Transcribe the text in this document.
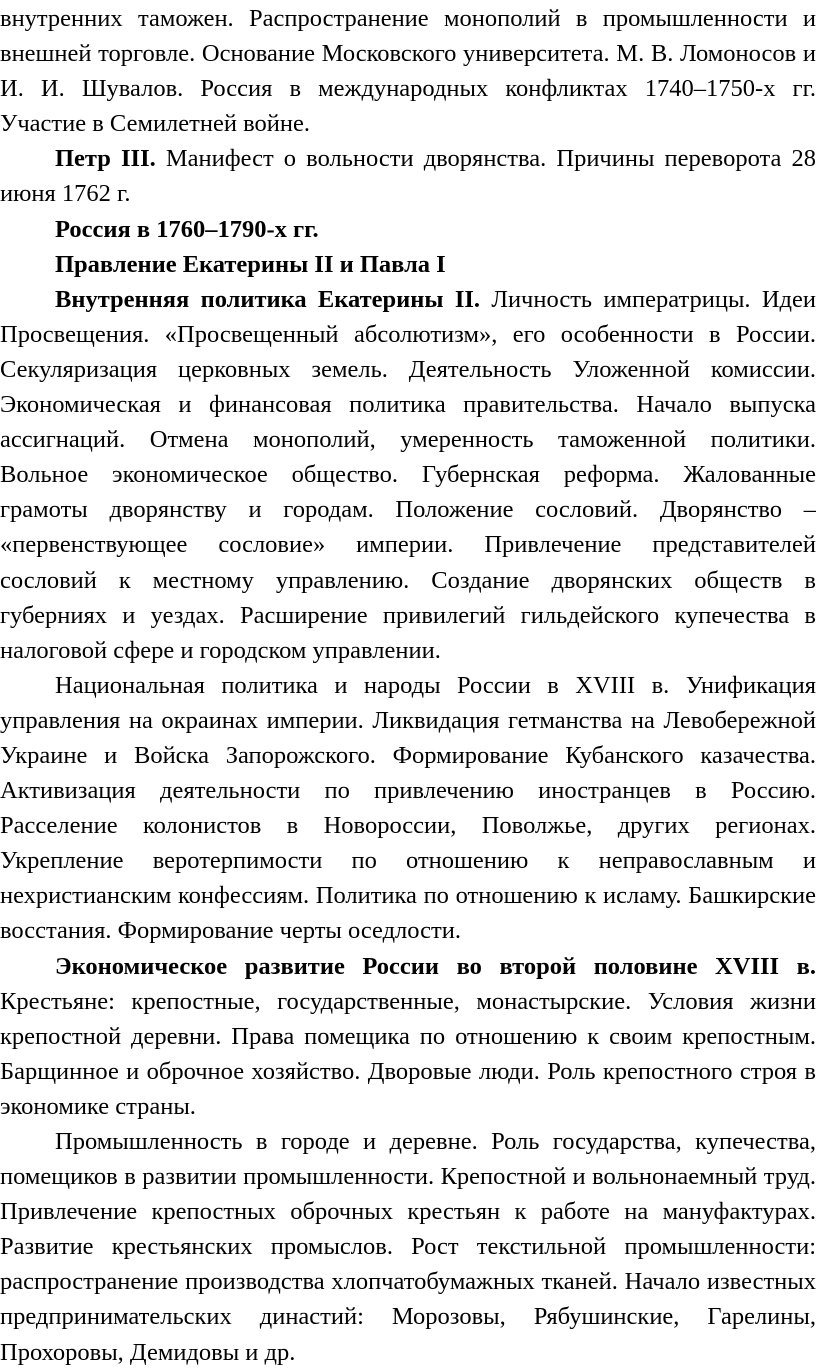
внутренних таможен. Распространение монополий в промышленности и внешней торговле. Основание Московского университета. М. В. Ломоносов и И. И. Шувалов. Россия в международных конфликтах 1740–1750-х гг. Участие в Семилетней войне.

Петр III. Манифест о вольности дворянства. Причины переворота 28 июня 1762 г.

Россия в 1760–1790-х гг.

Правление Екатерины II и Павла I

Внутренняя политика Екатерины II. Личность императрицы. Идеи Просвещения. «Просвещенный абсолютизм», его особенности в России. Секуляризация церковных земель. Деятельность Уложенной комиссии. Экономическая и финансовая политика правительства. Начало выпуска ассигнаций. Отмена монополий, умеренность таможенной политики. Вольное экономическое общество. Губернская реформа. Жалованные грамоты дворянству и городам. Положение сословий. Дворянство – «первенствующее сословие» империи. Привлечение представителей сословий к местному управлению. Создание дворянских обществ в губерниях и уездах. Расширение привилегий гильдейского купечества в налоговой сфере и городском управлении.

Национальная политика и народы России в XVIII в. Унификация управления на окраинах империи. Ликвидация гетманства на Левобережной Украине и Войска Запорожского. Формирование Кубанского казачества. Активизация деятельности по привлечению иностранцев в Россию. Расселение колонистов в Новороссии, Поволжье, других регионах. Укрепление веротерпимости по отношению к неправославным и нехристианским конфессиям. Политика по отношению к исламу. Башкирские восстания. Формирование черты оседлости.

Экономическое развитие России во второй половине XVIII в. Крестьяне: крепостные, государственные, монастырские. Условия жизни крепостной деревни. Права помещика по отношению к своим крепостным. Барщинное и оброчное хозяйство. Дворовые люди. Роль крепостного строя в экономике страны.

Промышленность в городе и деревне. Роль государства, купечества, помещиков в развитии промышленности. Крепостной и вольнонаемный труд. Привлечение крепостных оброчных крестьян к работе на мануфактурах. Развитие крестьянских промыслов. Рост текстильной промышленности: распространение производства хлопчатобумажных тканей. Начало известных предпринимательских династий: Морозовы, Рябушинские, Гарелины, Прохоровы, Демидовы и др.
